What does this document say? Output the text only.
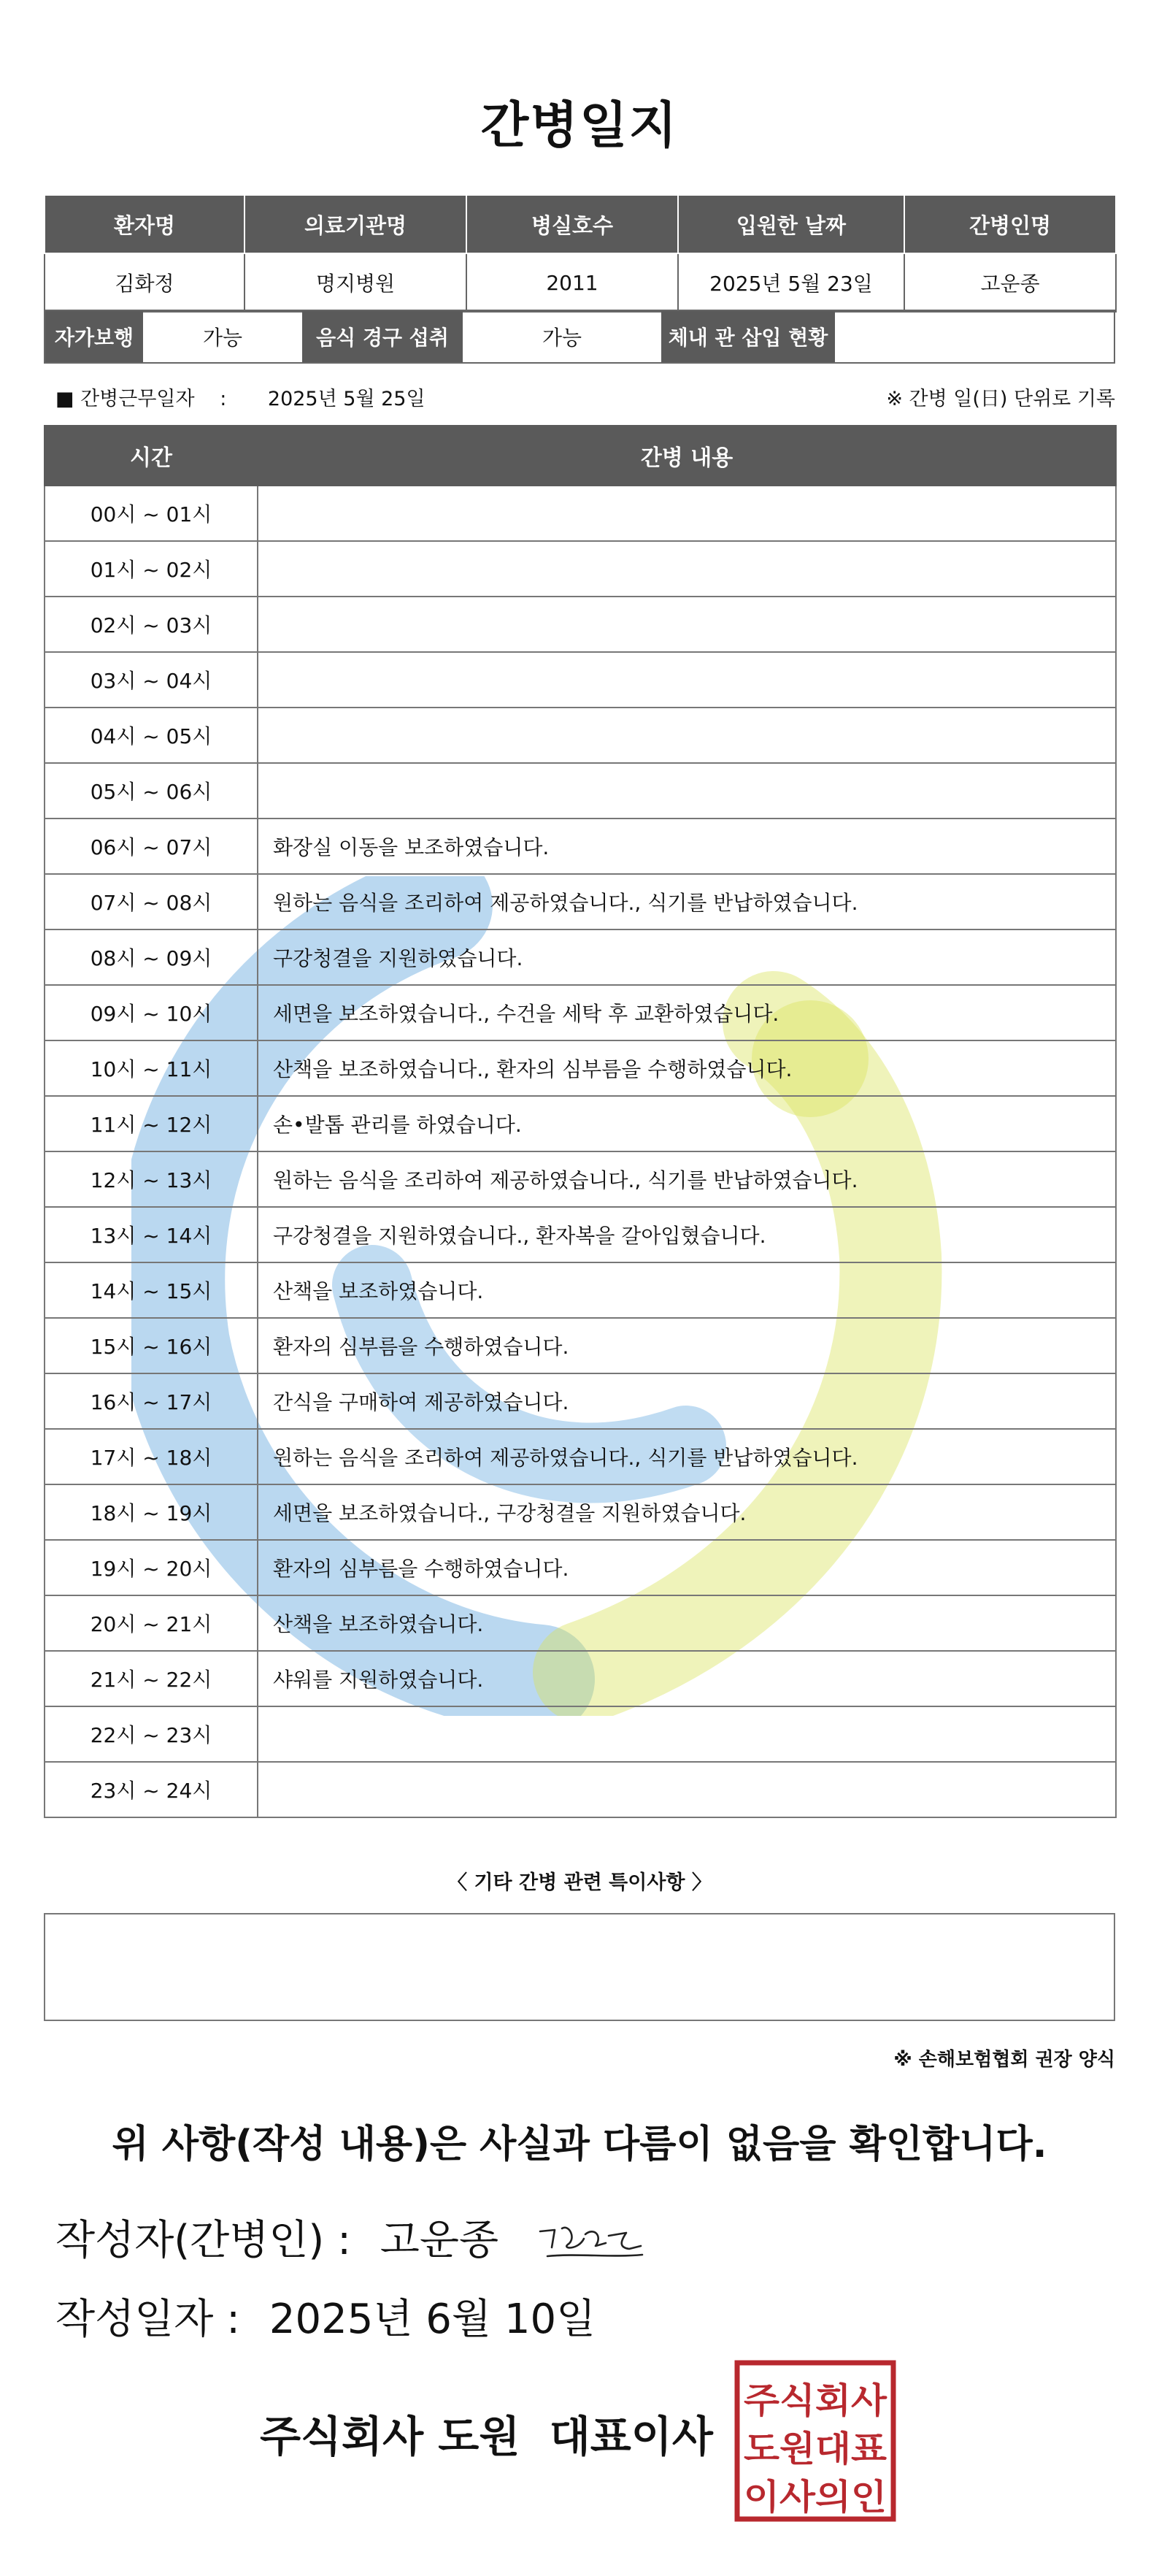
간병일지
환자명	의료기관명	병실호수	입원한 날짜	간병인명
김화정	명지병원	2011	2025년 5월 23일	고운종
자가보행	가능	음식 경구 섭취	가능	체내 관 삽입 현황
■ 간병근무일자 : 2025년 5월 25일	※ 간병 일(日) 단위로 기록
시간	간병 내용
00시 ~ 01시	
01시 ~ 02시	
02시 ~ 03시	
03시 ~ 04시	
04시 ~ 05시	
05시 ~ 06시	
06시 ~ 07시	화장실 이동을 보조하였습니다.
07시 ~ 08시	원하는 음식을 조리하여 제공하였습니다., 식기를 반납하였습니다.
08시 ~ 09시	구강청결을 지원하였습니다.
09시 ~ 10시	세면을 보조하였습니다., 수건을 세탁 후 교환하였습니다.
10시 ~ 11시	산책을 보조하였습니다., 환자의 심부름을 수행하였습니다.
11시 ~ 12시	손•발톱 관리를 하였습니다.
12시 ~ 13시	원하는 음식을 조리하여 제공하였습니다., 식기를 반납하였습니다.
13시 ~ 14시	구강청결을 지원하였습니다., 환자복을 갈아입혔습니다.
14시 ~ 15시	산책을 보조하였습니다.
15시 ~ 16시	환자의 심부름을 수행하였습니다.
16시 ~ 17시	간식을 구매하여 제공하였습니다.
17시 ~ 18시	원하는 음식을 조리하여 제공하였습니다., 식기를 반납하였습니다.
18시 ~ 19시	세면을 보조하였습니다., 구강청결을 지원하였습니다.
19시 ~ 20시	환자의 심부름을 수행하였습니다.
20시 ~ 21시	산책을 보조하였습니다.
21시 ~ 22시	샤워를 지원하였습니다.
22시 ~ 23시	
23시 ~ 24시	
〈 기타 간병 관련 특이사항 〉
※ 손해보험협회 권장 양식
위 사항(작성 내용)은 사실과 다름이 없음을 확인합니다.
작성자(간병인) : 고운종
작성일자 : 2025년 6월 10일
주식회사 도원  대표이사
주식회사
도원대표
이사의인
